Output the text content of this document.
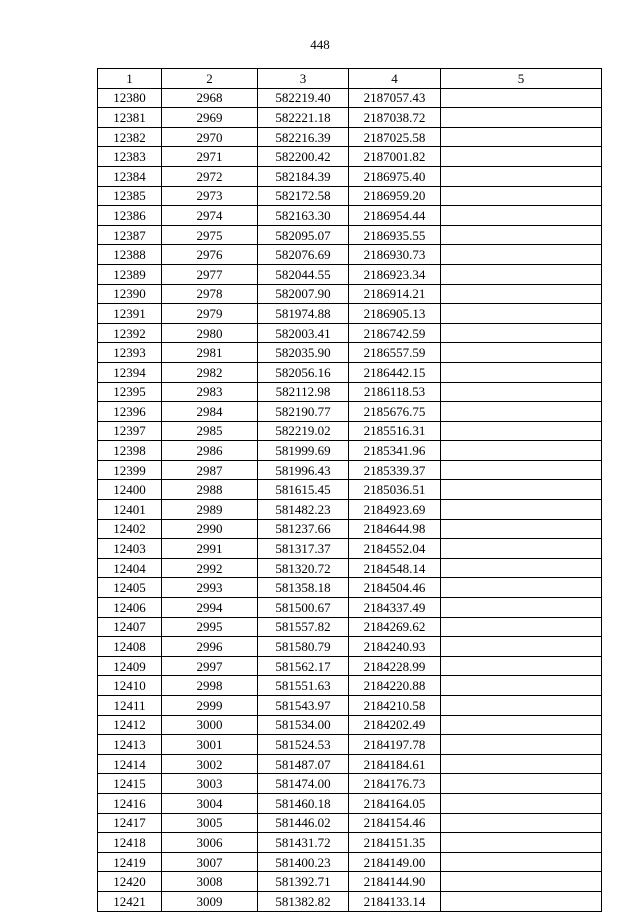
448
1	2	3	4	5
12380	2968	582219.40	2187057.43	
12381	2969	582221.18	2187038.72	
12382	2970	582216.39	2187025.58	
12383	2971	582200.42	2187001.82	
12384	2972	582184.39	2186975.40	
12385	2973	582172.58	2186959.20	
12386	2974	582163.30	2186954.44	
12387	2975	582095.07	2186935.55	
12388	2976	582076.69	2186930.73	
12389	2977	582044.55	2186923.34	
12390	2978	582007.90	2186914.21	
12391	2979	581974.88	2186905.13	
12392	2980	582003.41	2186742.59	
12393	2981	582035.90	2186557.59	
12394	2982	582056.16	2186442.15	
12395	2983	582112.98	2186118.53	
12396	2984	582190.77	2185676.75	
12397	2985	582219.02	2185516.31	
12398	2986	581999.69	2185341.96	
12399	2987	581996.43	2185339.37	
12400	2988	581615.45	2185036.51	
12401	2989	581482.23	2184923.69	
12402	2990	581237.66	2184644.98	
12403	2991	581317.37	2184552.04	
12404	2992	581320.72	2184548.14	
12405	2993	581358.18	2184504.46	
12406	2994	581500.67	2184337.49	
12407	2995	581557.82	2184269.62	
12408	2996	581580.79	2184240.93	
12409	2997	581562.17	2184228.99	
12410	2998	581551.63	2184220.88	
12411	2999	581543.97	2184210.58	
12412	3000	581534.00	2184202.49	
12413	3001	581524.53	2184197.78	
12414	3002	581487.07	2184184.61	
12415	3003	581474.00	2184176.73	
12416	3004	581460.18	2184164.05	
12417	3005	581446.02	2184154.46	
12418	3006	581431.72	2184151.35	
12419	3007	581400.23	2184149.00	
12420	3008	581392.71	2184144.90	
12421	3009	581382.82	2184133.14	
